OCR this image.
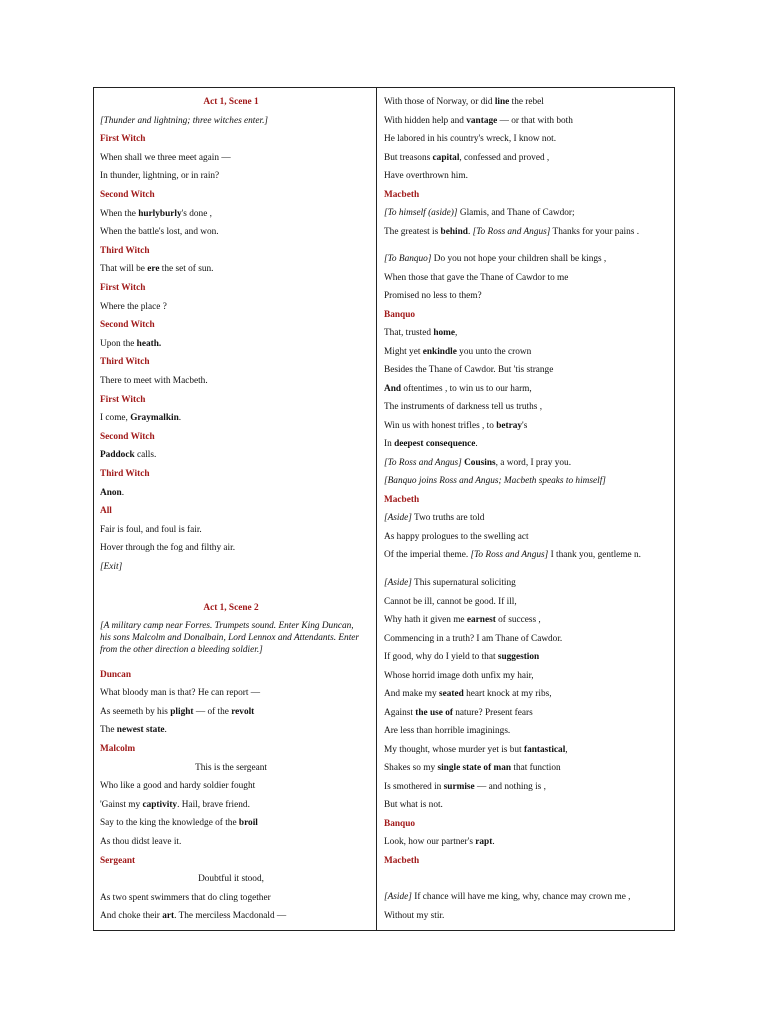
Act 1, Scene 1
[Thunder and lightning; three witches enter.]
First Witch
When shall we three meet again —
In thunder, lightning, or in rain?
Second Witch
When the hurlyburly's done ,
When the battle's lost, and won.
Third Witch
That will be ere the set of sun.
First Witch
Where the place ?
Second Witch
Upon the heath.
Third Witch
There to meet with Macbeth.
First Witch
I come, Graymalkin.
Second Witch
Paddock calls.
Third Witch
Anon.
All
Fair is foul, and foul is fair.
Hover through the fog and filthy air.
[Exit]
Act 1, Scene 2
[A military camp near Forres. Trumpets sound. Enter King Duncan, his sons Malcolm and Donalbain, Lord Lennox and Attendants. Enter from the other direction a bleeding soldier.]
Duncan
What bloody man is that? He can report —
As seemeth by his plight — of the revolt
The newest state.
Malcolm
This is the sergeant
Who like a good and hardy soldier fought
'Gainst my captivity. Hail, brave friend.
Say to the king the knowledge of the broil
As thou didst leave it.
Sergeant
Doubtful it stood,
As two spent swimmers that do cling together
And choke their art. The merciless Macdonald —
With those of Norway, or did line the rebel
With hidden help and vantage — or that with both
He labored in his country's wreck, I know not.
But treasons capital, confessed and proved ,
Have overthrown him.
Macbeth
[To himself (aside)] Glamis, and Thane of Cawdor;
The greatest is behind. [To Ross and Angus] Thanks for your pains .
[To Banquo] Do you not hope your children shall be kings ,
When those that gave the Thane of Cawdor to me
Promised no less to them?
Banquo
That, trusted home,
Might yet enkindle you unto the crown
Besides the Thane of Cawdor. But 'tis strange
And oftentimes , to win us to our harm,
The instruments of darkness tell us truths ,
Win us with honest trifles , to betray's
In deepest consequence.
[To Ross and Angus] Cousins, a word, I pray you.
[Banquo joins Ross and Angus; Macbeth speaks to himself]
Macbeth
[Aside] Two truths are told
As happy prologues to the swelling act
Of the imperial theme. [To Ross and Angus] I thank you, gentleme n.
[Aside] This supernatural soliciting
Cannot be ill, cannot be good. If ill,
Why hath it given me earnest of success ,
Commencing in a truth? I am Thane of Cawdor.
If good, why do I yield to that suggestion
Whose horrid image doth unfix my hair,
And make my seated heart knock at my ribs,
Against the use of nature? Present fears
Are less than horrible imaginings.
My thought, whose murder yet is but fantastical,
Shakes so my single state of man that function
Is smothered in surmise — and nothing is ,
But what is not.
Banquo
Look, how our partner's rapt.
Macbeth
[Aside] If chance will have me king, why, chance may crown me ,
Without my stir.
